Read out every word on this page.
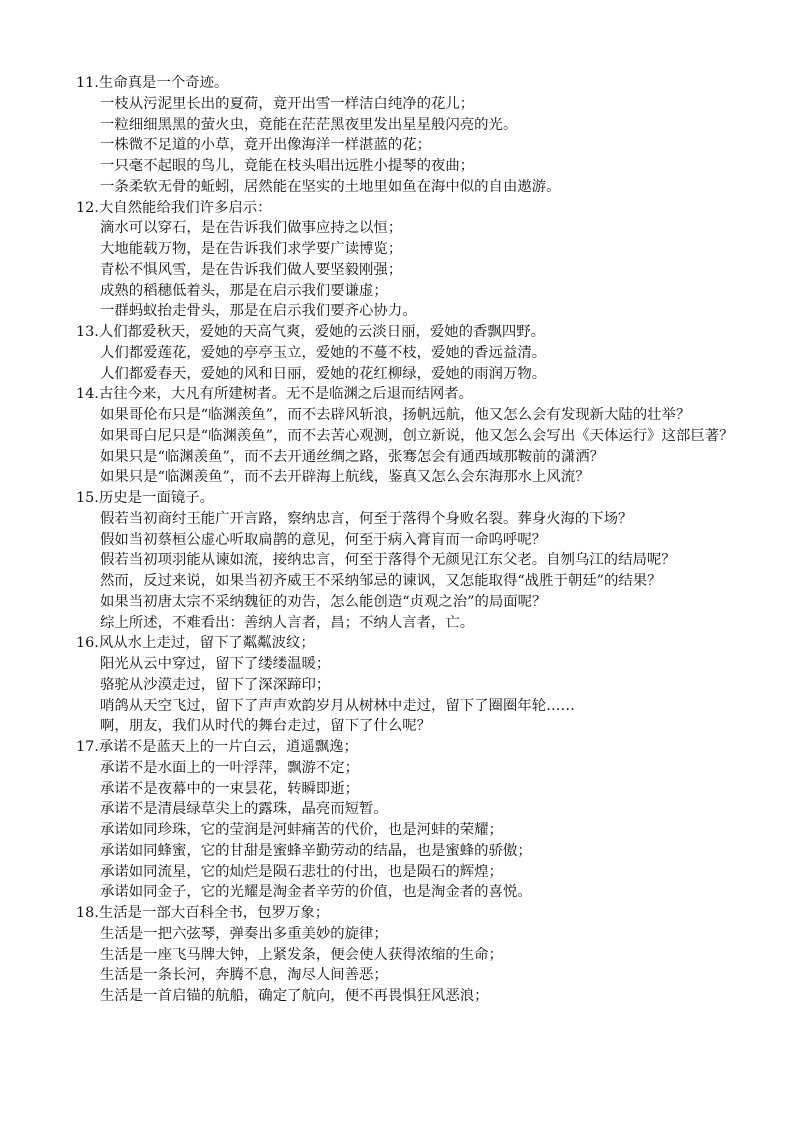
11.生命真是一个奇迹。
一枝从污泥里长出的夏荷，竟开出雪一样洁白纯净的花儿；
一粒细细黑黑的萤火虫，竟能在茫茫黑夜里发出星星般闪亮的光。
一株微不足道的小草，竟开出像海洋一样湛蓝的花；
一只毫不起眼的鸟儿，竟能在枝头唱出远胜小提琴的夜曲；
一条柔软无骨的蚯蚓，居然能在坚实的土地里如鱼在海中似的自由遨游。
12.大自然能给我们许多启示：
滴水可以穿石，是在告诉我们做事应持之以恒；
大地能载万物，是在告诉我们求学要广读博览；
青松不惧风雪，是在告诉我们做人要坚毅刚强；
成熟的稻穗低着头，那是在启示我们要谦虚；
一群蚂蚁抬走骨头，那是在启示我们要齐心协力。
13.人们都爱秋天，爱她的天高气爽，爱她的云淡日丽，爱她的香飘四野。
人们都爱莲花，爱她的亭亭玉立，爱她的不蔓不枝，爱她的香远益清。
人们都爱春天，爱她的风和日丽，爱她的花红柳绿，爱她的雨润万物。
14.古往今来，大凡有所建树者。无不是临渊之后退而结网者。
如果哥伦布只是“临渊羡鱼”，而不去辟风斩浪，扬帆远航，他又怎么会有发现新大陆的壮举？
如果哥白尼只是“临渊羡鱼”，而不去苦心观测，创立新说，他又怎么会写出《天体运行》这部巨著？
如果只是“临渊羡鱼”，而不去开通丝绸之路，张骞怎会有通西域那鞍前的潇洒？
如果只是“临渊羡鱼”，而不去开辟海上航线，鉴真又怎么会东海那水上风流？
15.历史是一面镜子。
假若当初商纣王能广开言路，察纳忠言，何至于落得个身败名裂。葬身火海的下场？
假如当初蔡桓公虚心听取扁鹊的意见，何至于病入膏肓而一命呜呼呢？
假若当初项羽能从谏如流，接纳忠言，何至于落得个无颜见江东父老。自刎乌江的结局呢？
然而，反过来说，如果当初齐威王不采纳邹忌的谏讽，又怎能取得“战胜于朝廷”的结果？
如果当初唐太宗不采纳魏征的劝告，怎么能创造“贞观之治”的局面呢？
综上所述，不难看出：善纳人言者，昌；不纳人言者，亡。
16.风从水上走过，留下了粼粼波纹；
阳光从云中穿过，留下了缕缕温暖；
骆驼从沙漠走过，留下了深深蹄印；
哨鸽从天空飞过，留下了声声欢韵岁月从树林中走过，留下了圈圈年轮……
啊，朋友，我们从时代的舞台走过，留下了什么呢？
17.承诺不是蓝天上的一片白云，逍遥飘逸；
承诺不是水面上的一叶浮萍，飘游不定；
承诺不是夜幕中的一束昙花，转瞬即逝；
承诺不是清晨绿草尖上的露珠，晶亮而短暂。
承诺如同珍珠，它的莹润是河蚌痛苦的代价，也是河蚌的荣耀；
承诺如同蜂蜜，它的甘甜是蜜蜂辛勤劳动的结晶，也是蜜蜂的骄傲；
承诺如同流星，它的灿烂是陨石悲壮的付出，也是陨石的辉煌；
承诺如同金子，它的光耀是淘金者辛劳的价值，也是淘金者的喜悦。
18.生活是一部大百科全书，包罗万象；
生活是一把六弦琴，弹奏出多重美妙的旋律；
生活是一座飞马牌大钟，上紧发条，便会使人获得浓缩的生命；
生活是一条长河，奔腾不息，淘尽人间善恶；
生活是一首启锚的航船，确定了航向，便不再畏惧狂风恶浪；
